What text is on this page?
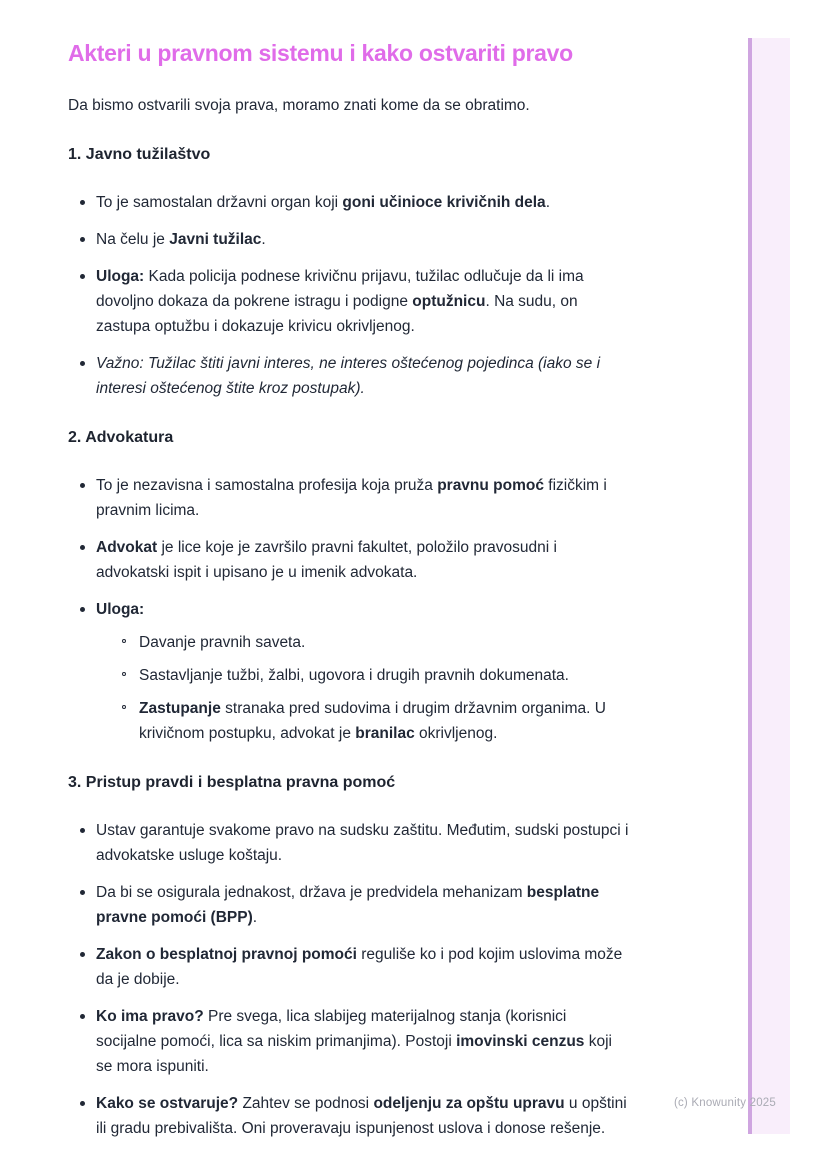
Akteri u pravnom sistemu i kako ostvariti pravo
Da bismo ostvarili svoja prava, moramo znati kome da se obratimo.
1. Javno tužilaštvo
To je samostalan državni organ koji goni učinioce krivičnih dela.
Na čelu je Javni tužilac.
Uloga: Kada policija podnese krivičnu prijavu, tužilac odlučuje da li ima dovoljno dokaza da pokrene istragu i podigne optužnicu. Na sudu, on zastupa optužbu i dokazuje krivicu okrivljenog.
Važno: Tužilac štiti javni interes, ne interes oštećenog pojedinca (iako se i interesi oštećenog štite kroz postupak).
2. Advokatura
To je nezavisna i samostalna profesija koja pruža pravnu pomoć fizičkim i pravnim licima.
Advokat je lice koje je završilo pravni fakultet, položilo pravosudni i advokatski ispit i upisano je u imenik advokata.
Uloga:
Davanje pravnih saveta.
Sastavljanje tužbi, žalbi, ugovora i drugih pravnih dokumenata.
Zastupanje stranaka pred sudovima i drugim državnim organima. U krivičnom postupku, advokat je branilac okrivljenog.
3. Pristup pravdi i besplatna pravna pomoć
Ustav garantuje svakome pravo na sudsku zaštitu. Međutim, sudski postupci i advokatske usluge koštaju.
Da bi se osigurala jednakost, država je predvidela mehanizam besplatne pravne pomoći (BPP).
Zakon o besplatnoj pravnoj pomoći reguliše ko i pod kojim uslovima može da je dobije.
Ko ima pravo? Pre svega, lica slabijeg materijalnog stanja (korisnici socijalne pomoći, lica sa niskim primanjima). Postoji imovinski cenzus koji se mora ispuniti.
Kako se ostvaruje? Zahtev se podnosi odeljenju za opštu upravu u opštini ili gradu prebivališta. Oni proveravaju ispunjenost uslova i donose rešenje.
(c) Knowunity 2025
